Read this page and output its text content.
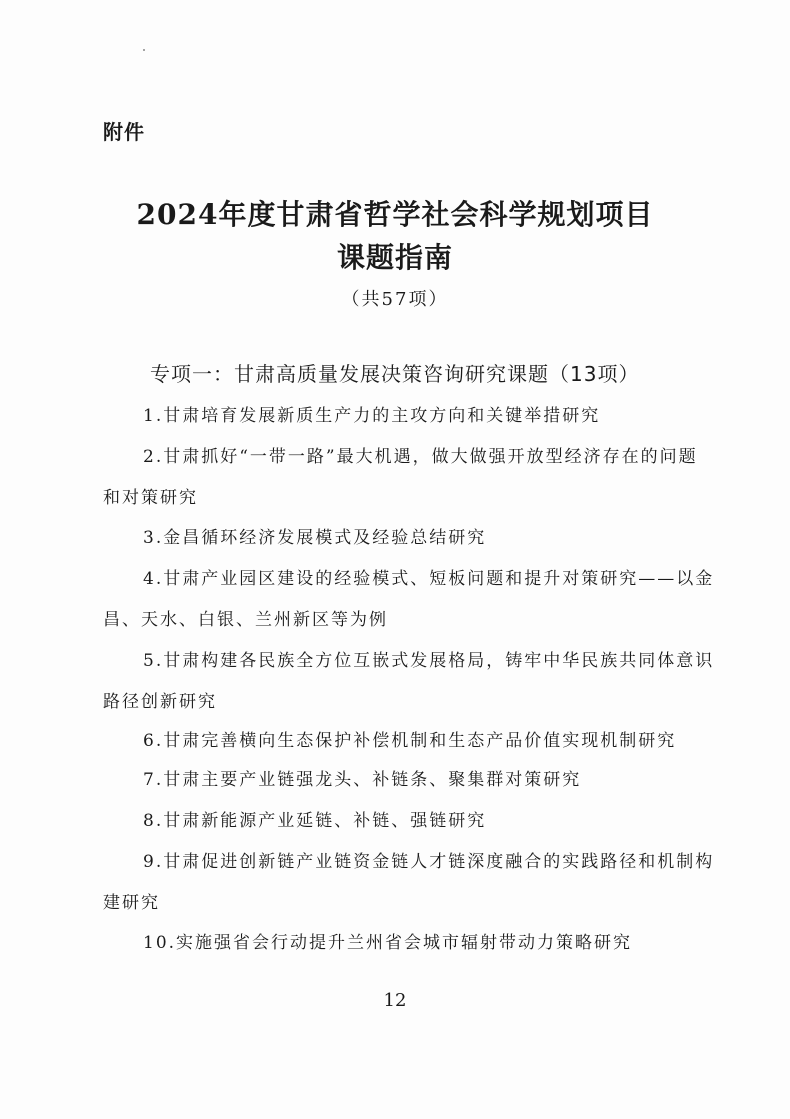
附件
2024年度甘肃省哲学社会科学规划项目
课题指南
（共57项）
专项一：甘肃高质量发展决策咨询研究课题（13项）
1.甘肃培育发展新质生产力的主攻方向和关键举措研究
2.甘肃抓好“一带一路”最大机遇，做大做强开放型经济存在的问题
和对策研究
3.金昌循环经济发展模式及经验总结研究
4.甘肃产业园区建设的经验模式、短板问题和提升对策研究——以金
昌、天水、白银、兰州新区等为例
5.甘肃构建各民族全方位互嵌式发展格局，铸牢中华民族共同体意识
路径创新研究
6.甘肃完善横向生态保护补偿机制和生态产品价值实现机制研究
7.甘肃主要产业链强龙头、补链条、聚集群对策研究
8.甘肃新能源产业延链、补链、强链研究
9.甘肃促进创新链产业链资金链人才链深度融合的实践路径和机制构
建研究
10.实施强省会行动提升兰州省会城市辐射带动力策略研究
12
